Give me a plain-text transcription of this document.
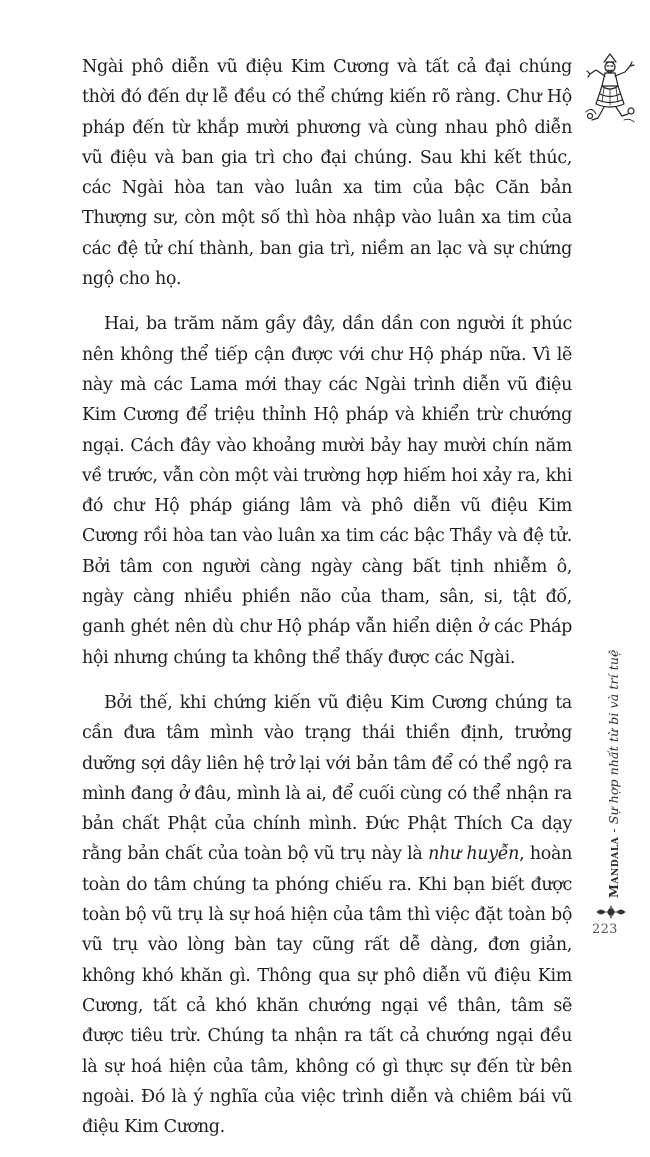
Ngài phô diễn vũ điệu Kim Cương và tất cả đại chúng thời đó đến dự lễ đều có thể chứng kiến rõ ràng. Chư Hộ pháp đến từ khắp mười phương và cùng nhau phô diễn vũ điệu và ban gia trì cho đại chúng. Sau khi kết thúc, các Ngài hòa tan vào luân xa tim của bậc Căn bản Thượng sư, còn một số thì hòa nhập vào luân xa tim của các đệ tử chí thành, ban gia trì, niềm an lạc và sự chứng ngộ cho họ.

Hai, ba trăm năm gầy đây, dần dần con người ít phúc nên không thể tiếp cận được với chư Hộ pháp nữa. Vì lẽ này mà các Lama mới thay các Ngài trình diễn vũ điệu Kim Cương để triệu thỉnh Hộ pháp và khiển trừ chướng ngại. Cách đây vào khoảng mười bảy hay mười chín năm về trước, vẫn còn một vài trường hợp hiếm hoi xảy ra, khi đó chư Hộ pháp giáng lâm và phô diễn vũ điệu Kim Cương rồi hòa tan vào luân xa tim các bậc Thầy và đệ tử. Bởi tâm con người càng ngày càng bất tịnh nhiễm ô, ngày càng nhiều phiền não của tham, sân, si, tật đố, ganh ghét nên dù chư Hộ pháp vẫn hiển diện ở các Pháp hội nhưng chúng ta không thể thấy được các Ngài.

Bởi thế, khi chứng kiến vũ điệu Kim Cương chúng ta cần đưa tâm mình vào trạng thái thiền định, trưởng dưỡng sợi dây liên hệ trở lại với bản tâm để có thể ngộ ra mình đang ở đâu, mình là ai, để cuối cùng có thể nhận ra bản chất Phật của chính mình. Đức Phật Thích Ca dạy rằng bản chất của toàn bộ vũ trụ này là như huyễn, hoàn toàn do tâm chúng ta phóng chiếu ra. Khi bạn biết được toàn bộ vũ trụ là sự hoá hiện của tâm thì việc đặt toàn bộ vũ trụ vào lòng bàn tay cũng rất dễ dàng, đơn giản, không khó khăn gì. Thông qua sự phô diễn vũ điệu Kim Cương, tất cả khó khăn chướng ngại về thân, tâm sẽ được tiêu trừ. Chúng ta nhận ra tất cả chướng ngại đều là sự hoá hiện của tâm, không có gì thực sự đến từ bên ngoài. Đó là ý nghĩa của việc trình diễn và chiêm bái vũ điệu Kim Cương.

Mandala - Sự hợp nhất từ bi và trí tuệ
223
